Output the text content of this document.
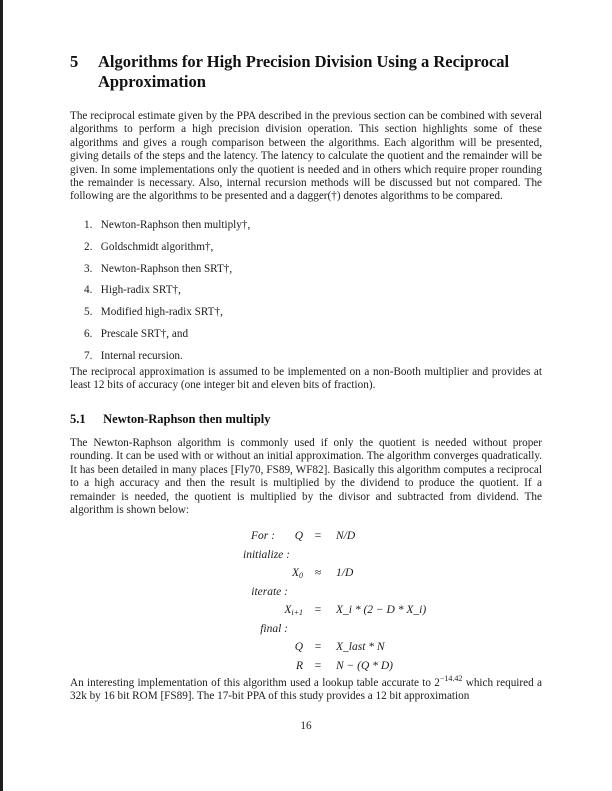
5 Algorithms for High Precision Division Using a Reciprocal Approximation

The reciprocal estimate given by the PPA described in the previous section can be combined with several algorithms to perform a high precision division operation. This section highlights some of these algorithms and gives a rough comparison between the algorithms. Each algorithm will be presented, giving details of the steps and the latency. The latency to calculate the quotient and the remainder will be given. In some implementations only the quotient is needed and in others which require proper rounding the remainder is necessary. Also, internal recursion methods will be discussed but not compared. The following are the algorithms to be presented and a dagger(†) denotes algorithms to be compared.

1. Newton-Raphson then multiply†,
2. Goldschmidt algorithm†,
3. Newton-Raphson then SRT†,
4. High-radix SRT†,
5. Modified high-radix SRT†,
6. Prescale SRT†, and
7. Internal recursion.

The reciprocal approximation is assumed to be implemented on a non-Booth multiplier and provides at least 12 bits of accuracy (one integer bit and eleven bits of fraction).

5.1 Newton-Raphson then multiply

The Newton-Raphson algorithm is commonly used if only the quotient is needed without proper rounding. It can be used with or without an initial approximation. The algorithm converges quadratically. It has been detailed in many places [Fly70, FS89, WF82]. Basically this algorithm computes a reciprocal to a high accuracy and then the result is multiplied by the dividend to produce the quotient. If a remainder is needed, the quotient is multiplied by the divisor and subtracted from dividend. The algorithm is shown below:

For : Q	=	N/D
initialize :
$X_0$	≈	1/D
iterate :
$X_{i+1}$	=	X_i * (2 − D * X_i)
final :
Q	=	X_last * N
R	=	N − (Q * D)

An interesting implementation of this algorithm used a lookup table accurate to $2^{-14.42}$ which required a 32k by 16 bit ROM [FS89]. The 17-bit PPA of this study provides a 12 bit approximation

16
